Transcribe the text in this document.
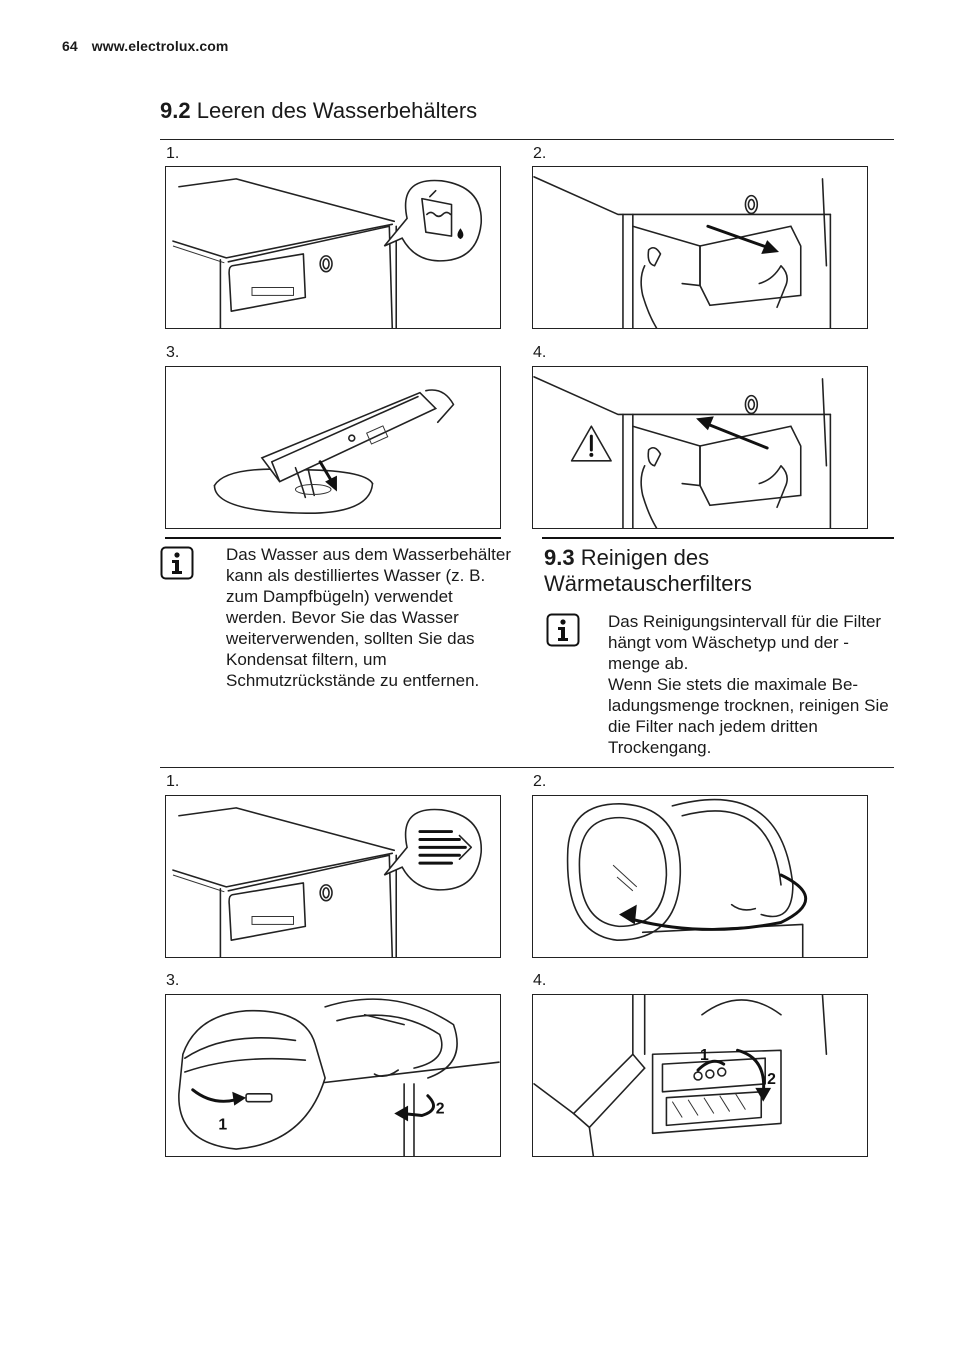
64 www.electrolux.com
9.2 Leeren des Wasserbehälters
1.	2.
3.	4.
Das Wasser aus dem Wasserbehälter kann als destilliertes Wasser (z. B. zum Dampfbügeln) verwendet werden. Bevor Sie das Wasser weiterverwenden, sollten Sie das Kondensat filtern, um Schmutzrückstände zu entfernen.
9.3 Reinigen des
Wärmetauscherfilters

Das Reinigungsintervall für die Filter hängt vom Wäschetyp und der -menge ab.

Wenn Sie stets die maximale Beladungsmenge trocknen, reinigen Sie die Filter nach jedem dritten Trockengang.

1.	2.
3.	4.
1
2
1
2
